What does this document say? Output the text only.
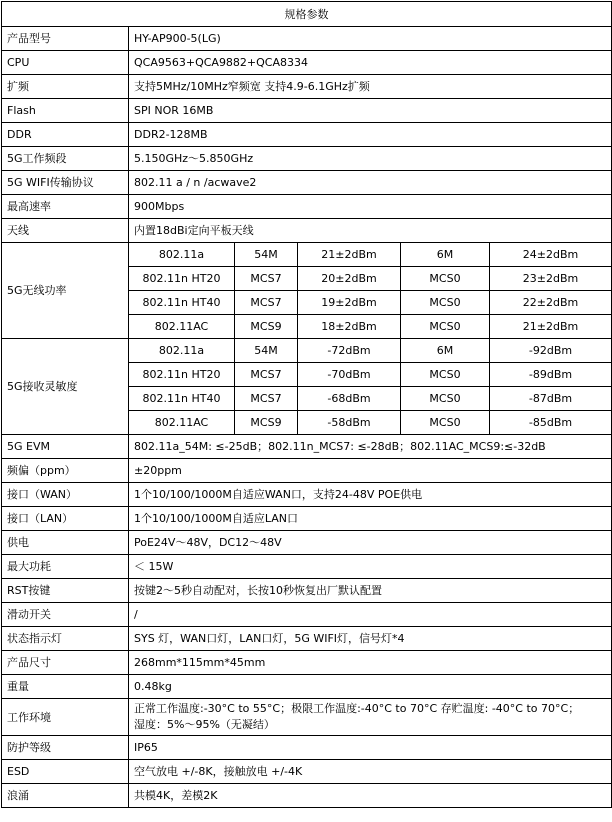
规格参数					
产品型号	HY-AP900-5(LG)				
CPU	QCA9563+QCA9882+QCA8334				
扩频	支持5MHz/10MHz窄频宽 支持4.9-6.1GHz扩频				
Flash	SPI NOR 16MB				
DDR	DDR2-128MB				
5G工作频段	5.150GHz～5.850GHz				
5G WIFI传输协议	802.11 a / n /acwave2				
最高速率	900Mbps				
天线	内置18dBi定向平板天线				
5G无线功率	802.11a	54M	21±2dBm	6M	24±2dBm
	802.11n HT20	MCS7	20±2dBm	MCS0	23±2dBm
	802.11n HT40	MCS7	19±2dBm	MCS0	22±2dBm
	802.11AC	MCS9	18±2dBm	MCS0	21±2dBm
5G接收灵敏度	802.11a	54M	-72dBm	6M	-92dBm
	802.11n HT20	MCS7	-70dBm	MCS0	-89dBm
	802.11n HT40	MCS7	-68dBm	MCS0	-87dBm
	802.11AC	MCS9	-58dBm	MCS0	-85dBm
5G EVM	802.11a_54M: ≤-25dB；802.11n_MCS7: ≤-28dB；802.11AC_MCS9:≤-32dB				
频偏（ppm）	±20ppm				
接口（WAN）	1个10/100/1000M自适应WAN口，支持24-48V POE供电				
接口（LAN）	1个10/100/1000M自适应LAN口				
供电	PoE24V～48V，DC12～48V				
最大功耗	＜ 15W				
RST按键	按键2～5秒自动配对，长按10秒恢复出厂默认配置				
滑动开关	/				
状态指示灯	SYS 灯，WAN口灯，LAN口灯，5G WIFI灯，信号灯*4				
产品尺寸	268mm*115mm*45mm				
重量	0.48kg				
工作环境	正常工作温度:-30°C to 55°C；极限工作温度:-40°C to 70°C 存贮温度: -40°C to 70°C；
湿度：5%～95%（无凝结）				

防护等级	IP65				
ESD	空气放电 +/-8K，接触放电 +/-4K				
浪涌	共模4K，差模2K				
